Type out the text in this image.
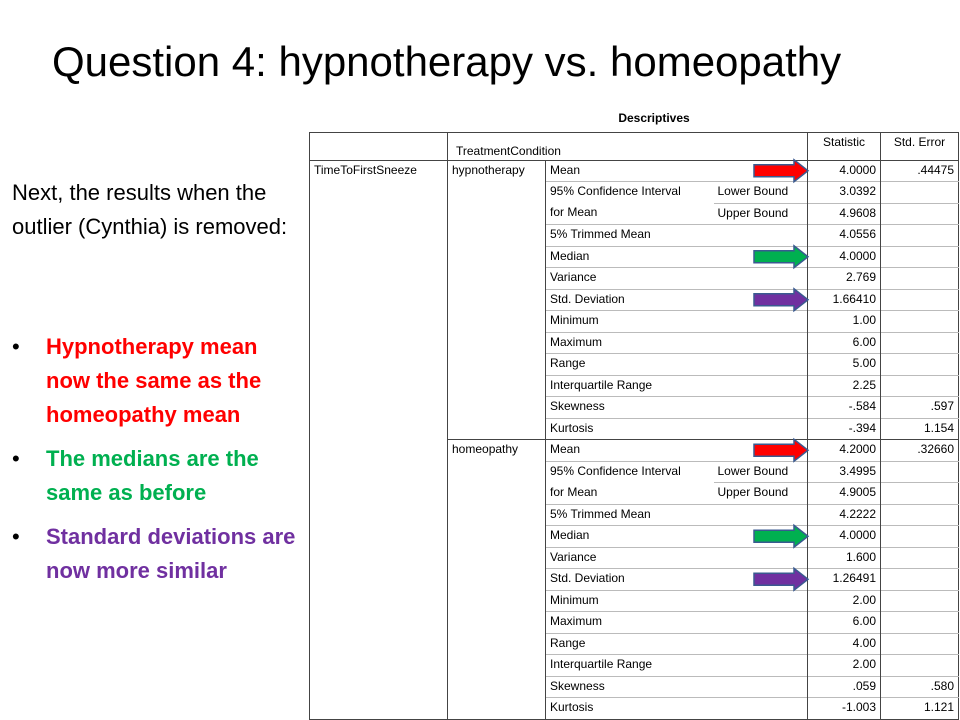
Question 4: hypnotherapy vs. homeopathy
Next, the results when the outlier (Cynthia) is removed:
• Hypnotherapy mean now the same as the homeopathy mean
• The medians are the same as before
• Standard deviations are now more similar
Descriptives
	TreatmentCondition			Statistic	Std. Error
TimeToFirstSneeze	hypnotherapy	Mean		4.0000	.44475
		95% Confidence Interval	Lower Bound	3.0392	
		for Mean	Upper Bound	4.9608	
		5% Trimmed Mean		4.0556	
		Median		4.0000	
		Variance		2.769	
		Std. Deviation		1.66410	
		Minimum		1.00	
		Maximum		6.00	
		Range		5.00	
		Interquartile Range		2.25	
		Skewness		-.584	.597
		Kurtosis		-.394	1.154
	homeopathy	Mean		4.2000	.32660
		95% Confidence Interval	Lower Bound	3.4995	
		for Mean	Upper Bound	4.9005	
		5% Trimmed Mean		4.2222	
		Median		4.0000	
		Variance		1.600	
		Std. Deviation		1.26491	
		Minimum		2.00	
		Maximum		6.00	
		Range		4.00	
		Interquartile Range		2.00	
		Skewness		.059	.580
		Kurtosis		-1.003	1.121
